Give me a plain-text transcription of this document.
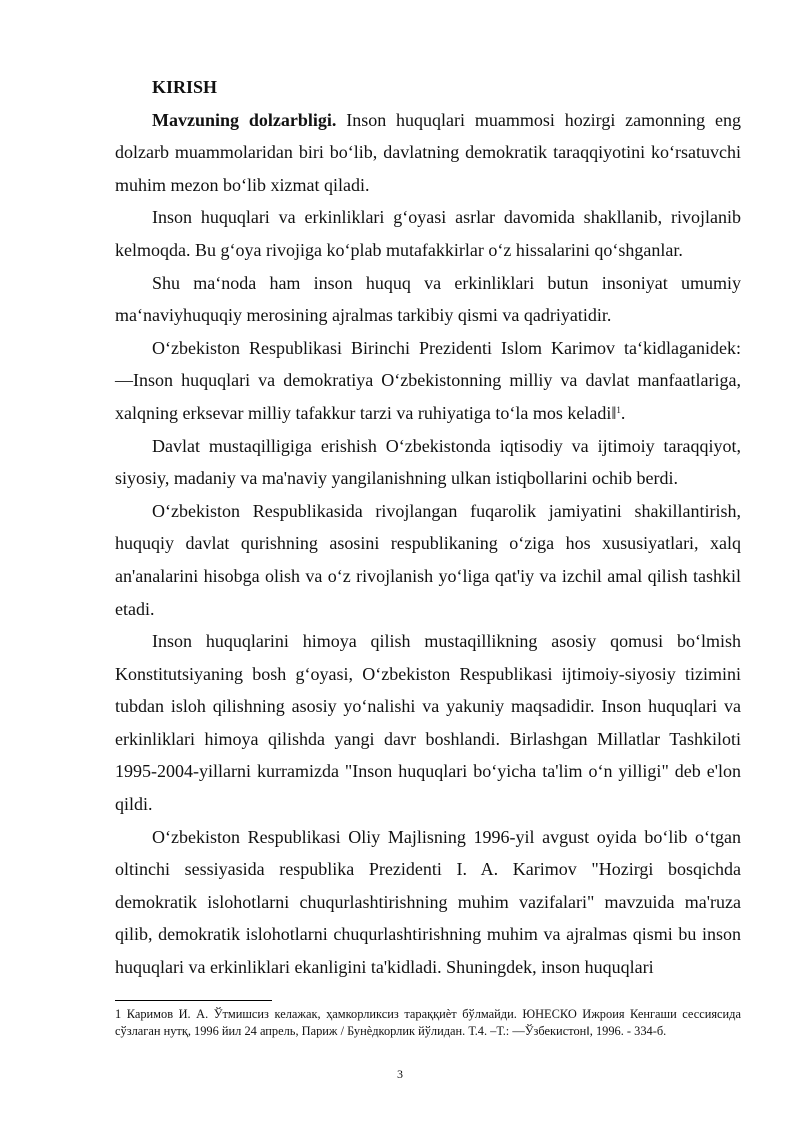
KIRISH

Mavzuning dolzarbligi. Inson huquqlari muammosi hozirgi zamonning eng dolzarb muammolaridan biri bo‘lib, davlatning demokratik taraqqiyotini ko‘rsatuvchi muhim mezon bo‘lib xizmat qiladi.

Inson huquqlari va erkinliklari g‘oyasi asrlar davomida shakllanib, rivojlanib kelmoqda. Bu g‘oya rivojiga ko‘plab mutafakkirlar o‘z hissalarini qo‘shganlar.

Shu ma‘noda ham inson huquq va erkinliklari butun insoniyat umumiy ma‘naviyhuquqiy merosining ajralmas tarkibiy qismi va qadriyatidir.

O‘zbekiston Respublikasi Birinchi Prezidenti Islom Karimov ta‘kidlaganidek: ―Inson huquqlari va demokratiya O‘zbekistonning milliy va davlat manfaatlariga, xalqning erksevar milliy tafakkur tarzi va ruhiyatiga to‘la mos keladi‖$^1$.

Davlat mustaqilligiga erishish O‘zbekistonda iqtisodiy va ijtimoiy taraqqiyot, siyosiy, madaniy va ma'naviy yangilanishning ulkan istiqbollarini ochib berdi.

O‘zbekiston Respublikasida rivojlangan fuqarolik jamiyatini shakillantirish, huquqiy davlat qurishning asosini respublikaning o‘ziga hos xususiyatlari, xalq an'analarini hisobga olish va o‘z rivojlanish yo‘liga qat'iy va izchil amal qilish tashkil etadi.

Inson huquqlarini himoya qilish mustaqillikning asosiy qomusi bo‘lmish Konstitutsiyaning bosh g‘oyasi, O‘zbekiston Respublikasi ijtimoiy-siyosiy tizimini tubdan isloh qilishning asosiy yo‘nalishi va yakuniy maqsadidir. Inson huquqlari va erkinliklari himoya qilishda yangi davr boshlandi. Birlashgan Millatlar Tashkiloti 1995-2004-yillarni kurramizda "Inson huquqlari bo‘yicha ta'lim o‘n yilligi" deb e'lon qildi.

O‘zbekiston Respublikasi Oliy Majlisning 1996-yil avgust oyida bo‘lib o‘tgan oltinchi sessiyasida respublika Prezidenti I. A. Karimov "Hozirgi bosqichda demokratik islohotlarni chuqurlashtirishning muhim vazifalari" mavzuida ma'ruza qilib, demokratik islohotlarni chuqurlashtirishning muhim va ajralmas qismi bu inson huquqlari va erkinliklari ekanligini ta'kidladi. Shuningdek, inson huquqlari

1 Каримов И. А. Ўтмишсиз келажак, ҳамкорликсиз тараққиѐт бўлмайди. ЮНЕСКО Ижроия Кенгаши сессиясида сўзлаган нутқ, 1996 йил 24 апрель, Париж / Бунѐдкорлик йўлидан. Т.4. –Т.: ―Ўзбекистонǁ, 1996. - 334-б.

3
